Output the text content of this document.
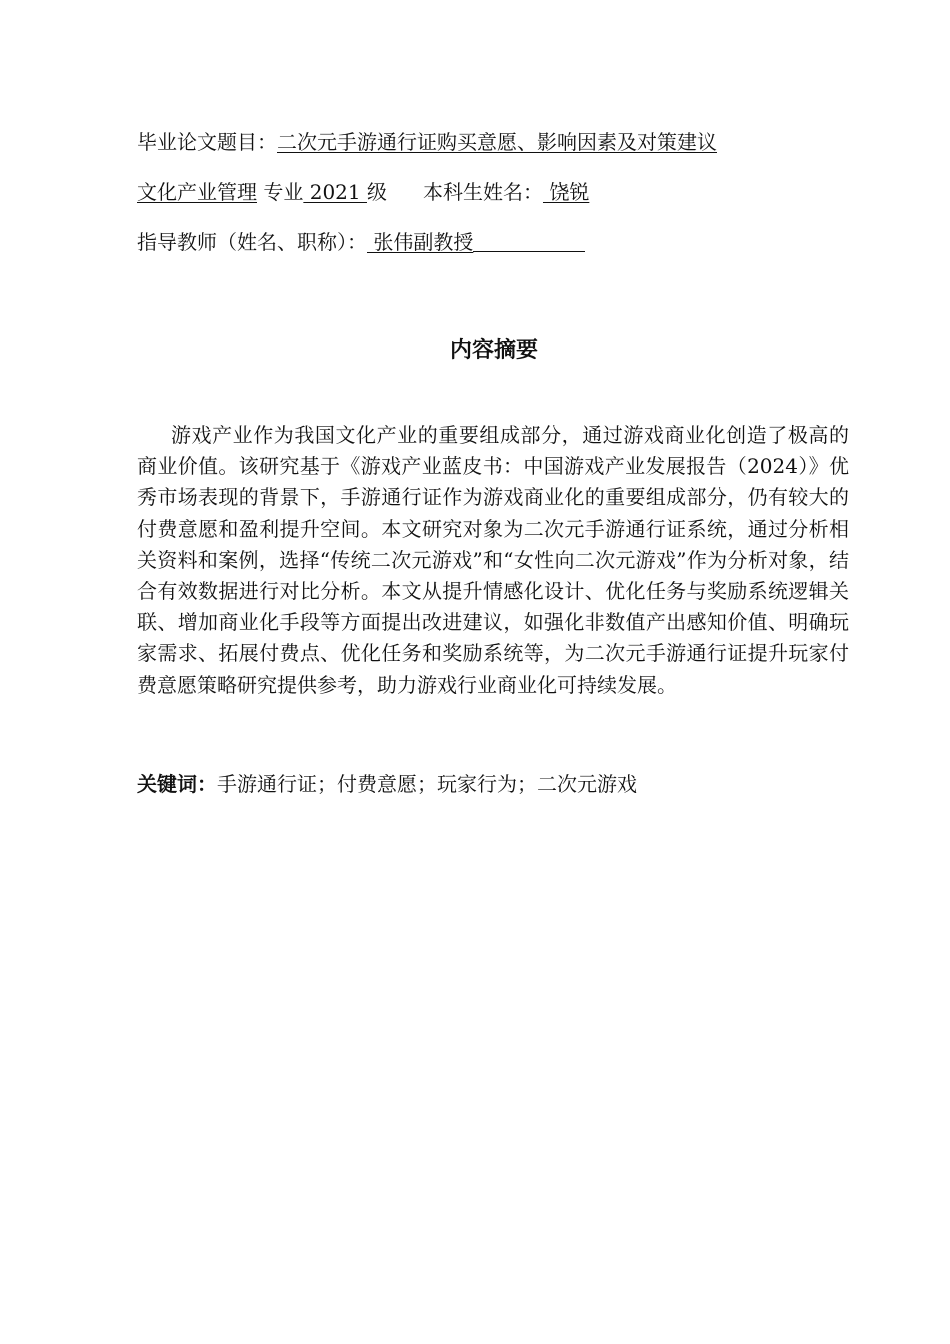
毕业论文题目：二次元手游通行证购买意愿、影响因素及对策建议
文化产业管理 专业 2021 级 本科生姓名： 饶锐
指导教师（姓名、职称）： 张伟副教授
内容摘要

游戏产业作为我国文化产业的重要组成部分，通过游戏商业化创造了极高的商业价值。该研究基于《游戏产业蓝皮书：中国游戏产业发展报告（2024）》优秀市场表现的背景下，手游通行证作为游戏商业化的重要组成部分，仍有较大的付费意愿和盈利提升空间。本文研究对象为二次元手游通行证系统，通过分析相关资料和案例，选择“传统二次元游戏”和“女性向二次元游戏”作为分析对象，结合有效数据进行对比分析。本文从提升情感化设计、优化任务与奖励系统逻辑关联、增加商业化手段等方面提出改进建议，如强化非数值产出感知价值、明确玩家需求、拓展付费点、优化任务和奖励系统等，为二次元手游通行证提升玩家付费意愿策略研究提供参考，助力游戏行业商业化可持续发展。

关键词：手游通行证；付费意愿；玩家行为；二次元游戏
